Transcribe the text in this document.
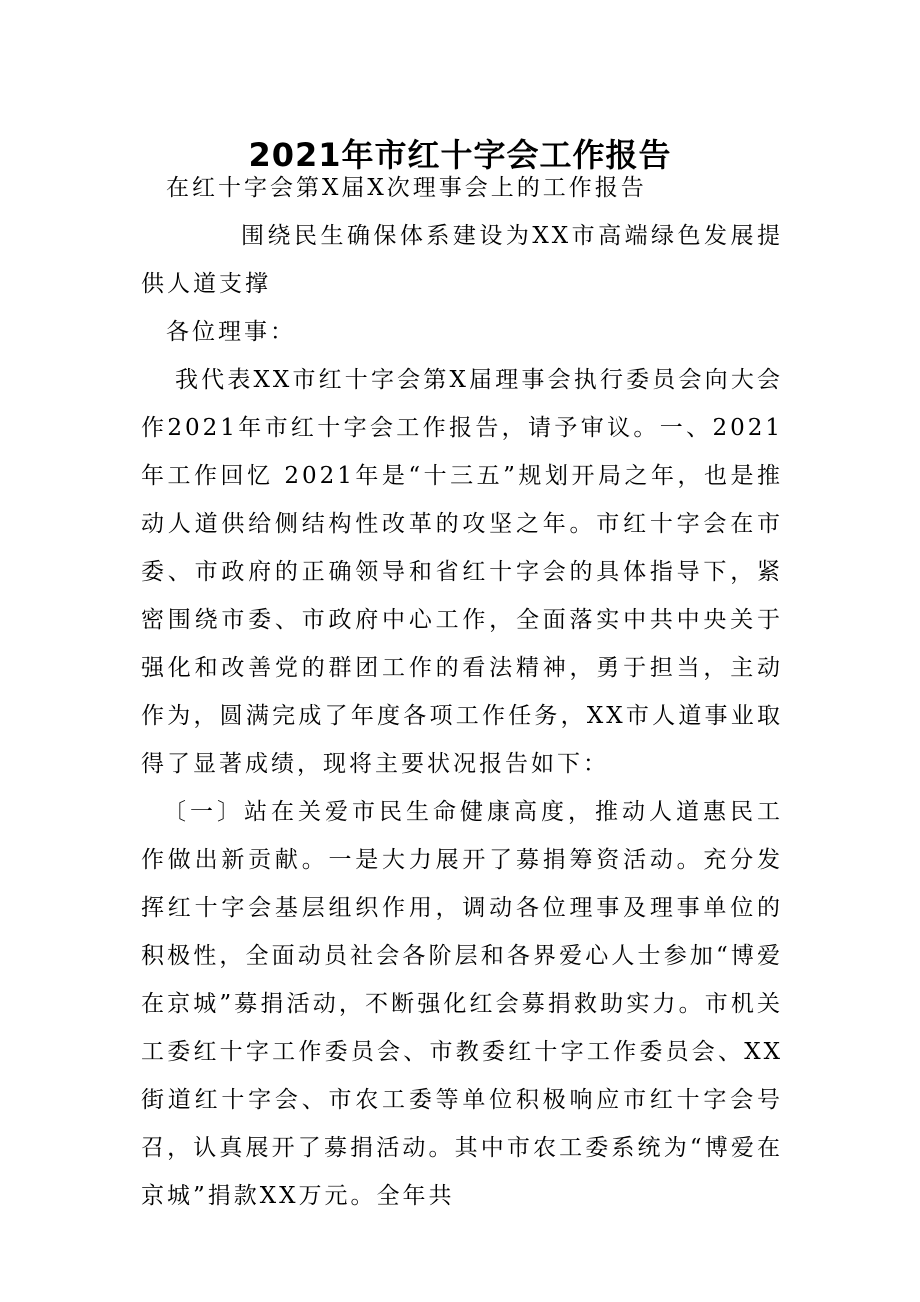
2021年市红十字会工作报告

在红十字会第X届X次理事会上的工作报告

围绕民生确保体系建设为XX市高端绿色发展提供人道支撑

各位理事：

我代表XX市红十字会第X届理事会执行委员会向大会作2021年市红十字会工作报告，请予审议。一、2021年工作回忆 2021年是“十三五”规划开局之年，也是推动人道供给侧结构性改革的攻坚之年。市红十字会在市委、市政府的正确领导和省红十字会的具体指导下，紧密围绕市委、市政府中心工作，全面落实中共中央关于强化和改善党的群团工作的看法精神，勇于担当，主动作为，圆满完成了年度各项工作任务，XX市人道事业取得了显著成绩，现将主要状况报告如下：

〔一〕站在关爱市民生命健康高度，推动人道惠民工作做出新贡献。一是大力展开了募捐筹资活动。充分发挥红十字会基层组织作用，调动各位理事及理事单位的积极性，全面动员社会各阶层和各界爱心人士参加“博爱在京城”募捐活动，不断强化红会募捐救助实力。市机关工委红十字工作委员会、市教委红十字工作委员会、XX街道红十字会、市农工委等单位积极响应市红十字会号召，认真展开了募捐活动。其中市农工委系统为“博爱在京城”捐款XX万元。全年共
